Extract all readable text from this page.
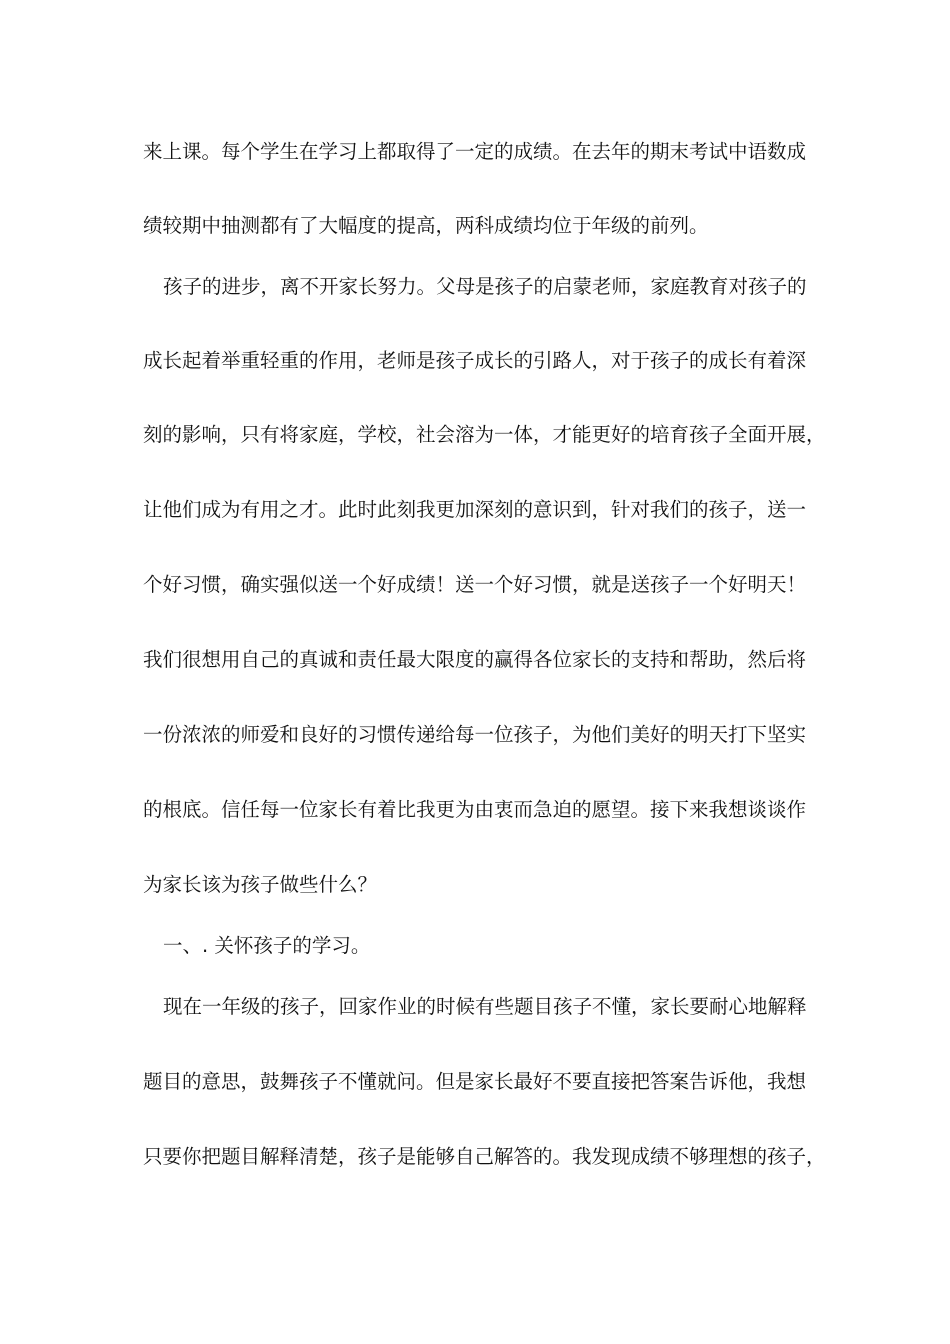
来上课。每个学生在学习上都取得了一定的成绩。在去年的期末考试中语数成
绩较期中抽测都有了大幅度的提高，两科成绩均位于年级的前列。
孩子的进步，离不开家长努力。父母是孩子的启蒙老师，家庭教育对孩子的
成长起着举重轻重的作用，老师是孩子成长的引路人，对于孩子的成长有着深
刻的影响，只有将家庭，学校，社会溶为一体，才能更好的培育孩子全面开展，
让他们成为有用之才。此时此刻我更加深刻的意识到，针对我们的孩子，送一
个好习惯，确实强似送一个好成绩！送一个好习惯，就是送孩子一个好明天！
我们很想用自己的真诚和责任最大限度的赢得各位家长的支持和帮助，然后将
一份浓浓的师爱和良好的习惯传递给每一位孩子，为他们美好的明天打下坚实
的根底。信任每一位家长有着比我更为由衷而急迫的愿望。接下来我想谈谈作
为家长该为孩子做些什么？
一、. 关怀孩子的学习。
现在一年级的孩子，回家作业的时候有些题目孩子不懂，家长要耐心地解释
题目的意思，鼓舞孩子不懂就问。但是家长最好不要直接把答案告诉他，我想
只要你把题目解释清楚，孩子是能够自己解答的。我发现成绩不够理想的孩子，
